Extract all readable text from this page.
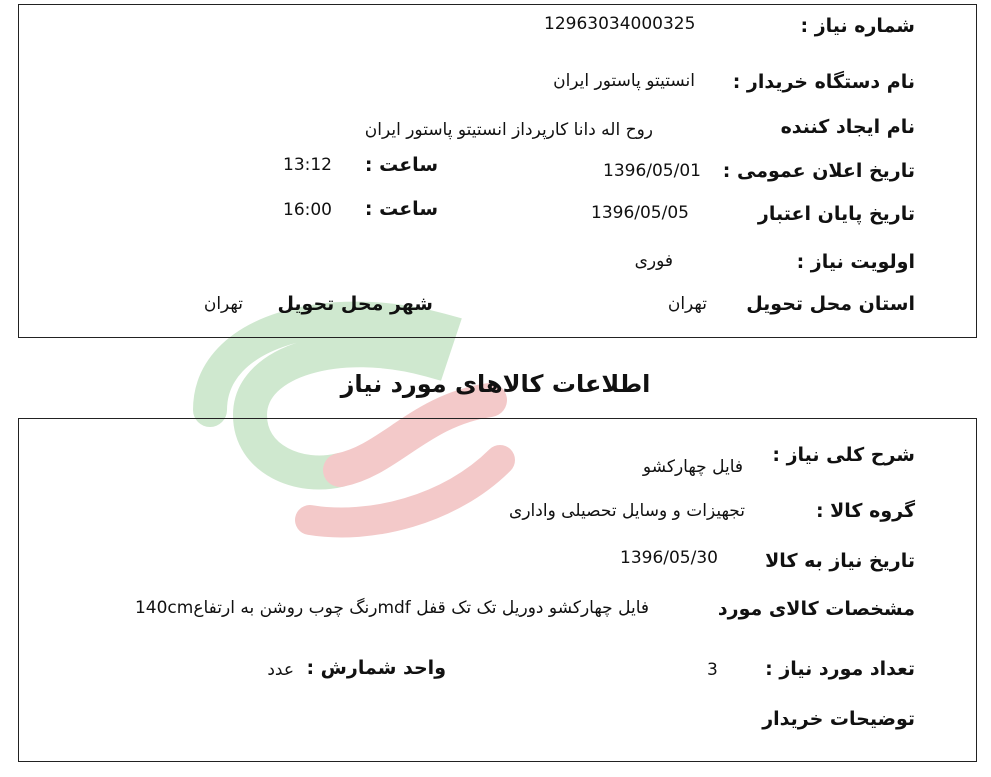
شماره نیاز :
12963034000325
نام دستگاه خریدار :
انستیتو پاستور ایران
نام ایجاد کننده
روح اله دانا کارپرداز انستیتو پاستور ایران
تاریخ اعلان عمومی :
1396/05/01
ساعت :
13:12
تاریخ پایان اعتبار
1396/05/05
ساعت :
16:00
اولویت نیاز :
فوری
استان محل تحویل
تهران
شهر محل تحویل
تهران
اطلاعات کالاهای مورد نیاز
شرح کلی نیاز :
فایل چهارکشو
گروه کالا :
تجهیزات و وسایل تحصیلی واداری
تاریخ نیاز به کالا
1396/05/30
مشخصات کالای مورد
فایل چهارکشو دوریل تک تک قفل mdfرنگ چوب روشن به ارتفاع140cm
تعداد مورد نیاز :
3
واحد شمارش :
عدد
توضیحات خریدار
